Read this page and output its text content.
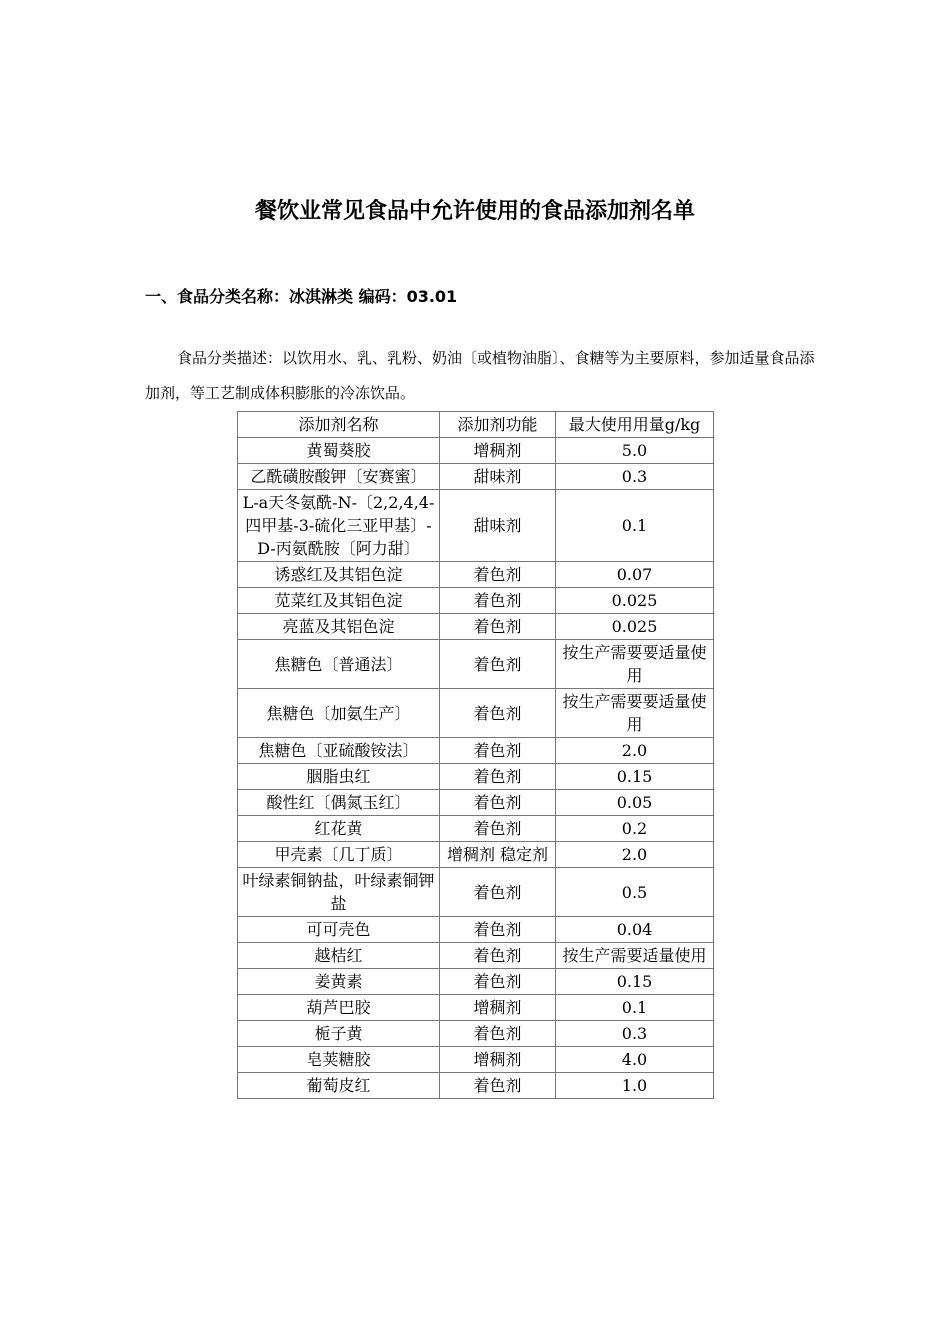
餐饮业常见食品中允许使用的食品添加剂名单
一、食品分类名称：冰淇淋类 编码：03.01

食品分类描述：以饮用水、乳、乳粉、奶油〔或植物油脂〕、食糖等为主要原料，参加适量食品添加剂，等工艺制成体积膨胀的冷冻饮品。

添加剂名称	添加剂功能	最大使用用量g/kg
黄蜀葵胶	增稠剂	5.0
乙酰磺胺酸钾〔安赛蜜〕	甜味剂	0.3
L-a天冬氨酰-N-〔2,2,4,4-四甲基-3-硫化三亚甲基〕-D-丙氨酰胺〔阿力甜〕	甜味剂	0.1
诱惑红及其铝色淀	着色剂	0.07
苋菜红及其铝色淀	着色剂	0.025
亮蓝及其铝色淀	着色剂	0.025
焦糖色〔普通法〕	着色剂	按生产需要要适量使用
焦糖色〔加氨生产〕	着色剂	按生产需要要适量使用
焦糖色〔亚硫酸铵法〕	着色剂	2.0
胭脂虫红	着色剂	0.15
酸性红〔偶氮玉红〕	着色剂	0.05
红花黄	着色剂	0.2
甲壳素〔几丁质〕	增稠剂 稳定剂	2.0
叶绿素铜钠盐，叶绿素铜钾盐	着色剂	0.5
可可壳色	着色剂	0.04
越桔红	着色剂	按生产需要适量使用
姜黄素	着色剂	0.15
葫芦巴胶	增稠剂	0.1
栀子黄	着色剂	0.3
皂荚糖胶	增稠剂	4.0
葡萄皮红	着色剂	1.0
